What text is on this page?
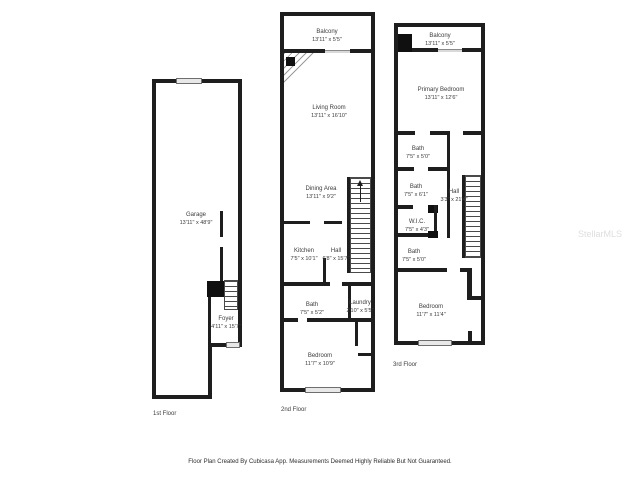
Garage
13'11" x 48'9"
Foyer
4'11" x 15'7"
1st Floor
Balcony
13'11" x 5'5"
Living Room
13'11" x 16'10"
Dining Area
13'11" x 9'2"
Kitchen
7'5" x 10'1"
Hall
6'8" x 15'7"
Bath
7'5" x 5'2"
Laundry
2'10" x 5'5"
Bedroom
11'7" x 10'9"
2nd Floor
Balcony
13'11" x 5'5"
Primary Bedroom
13'11" x 12'6"
Bath
7'5" x 5'0"
Bath
7'5" x 6'1"	Hall
3'3" x 21'4"
W.I.C.
7'5" x 4'3"
Bath
7'5" x 5'0"
Bedroom
11'7" x 11'4"
3rd Floor
StellarMLS
Floor Plan Created By Cubicasa App. Measurements Deemed Highly Reliable But Not Guaranteed.
